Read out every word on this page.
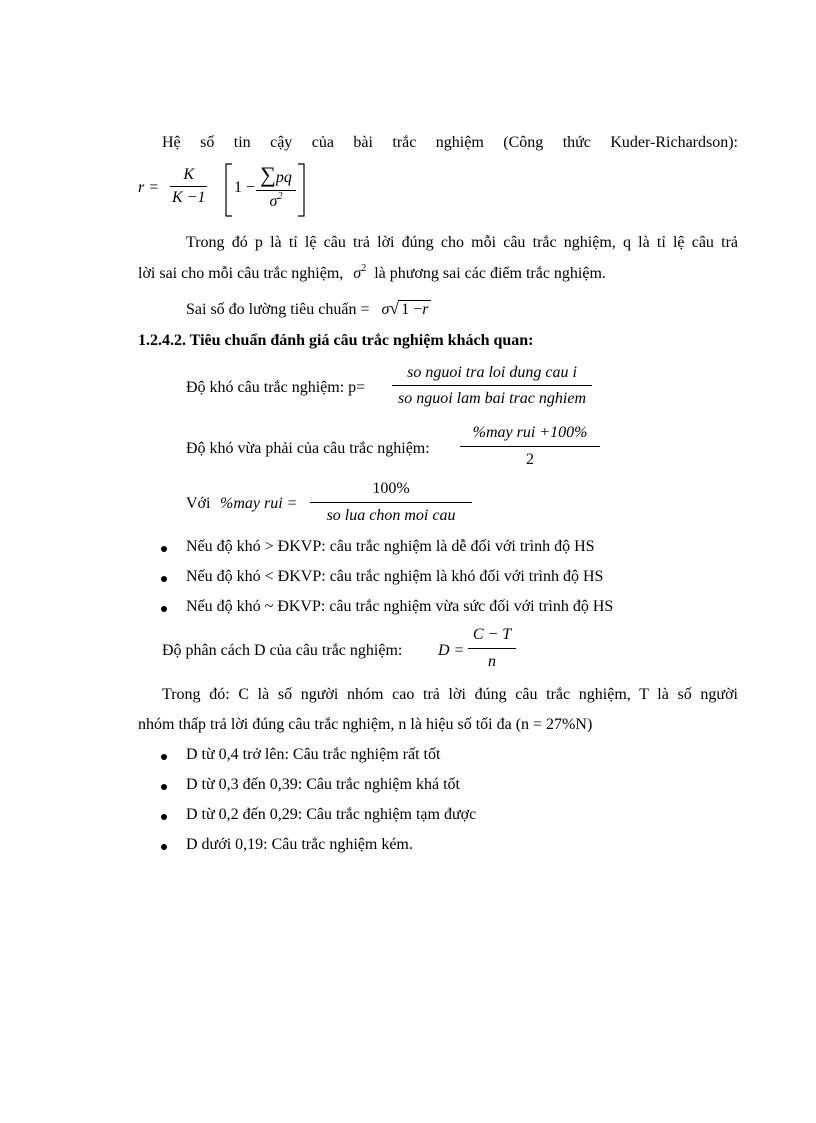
Hệ số tin cậy của bài trắc nghiệm (Công thức Kuder-Richardson):
$r = \frac{K}{K -1} 1$ −
∑pq
$\sigma^2$
Trong đó p là tỉ lệ câu trả lời đúng cho mỗi câu trắc nghiệm, q là tỉ lệ câu trả
lời sai cho mỗi câu trắc nghiệm, $\sigma^2$ là phương sai các điểm trắc nghiệm.
Sai số đo lường tiêu chuẩn = σ√ 1 −r
1.2.4.2. Tiêu chuẩn đánh giá câu trắc nghiệm khách quan:
Độ khó câu trắc nghiệm: p=
so nguoi tra loi dung cau i
so nguoi lam bai trac nghiem
Độ khó vừa phải của câu trắc nghiệm:
%may rui +100%
2
Với %may rui =
100%
so lua chon moi cau
Nếu độ khó > ĐKVP: câu trắc nghiệm là dễ đối với trình độ HS
Nếu độ khó < ĐKVP: câu trắc nghiệm là khó đối với trình độ HS
Nếu độ khó ~ ĐKVP: câu trắc nghiệm vừa sức đối với trình độ HS
Độ phân cách D của câu trắc nghiệm: $D = \frac{C - T}{n}$
Trong đó: C là số người nhóm cao trả lời đúng câu trắc nghiệm, T là số người
nhóm thấp trả lời đúng câu trắc nghiệm, n là hiệu số tối đa (n = 27%N)
D từ 0,4 trở lên: Câu trắc nghiệm rất tốt
D từ 0,3 đến 0,39: Câu trắc nghiệm khá tốt
D từ 0,2 đến 0,29: Câu trắc nghiệm tạm được
D dưới 0,19: Câu trắc nghiệm kém.
